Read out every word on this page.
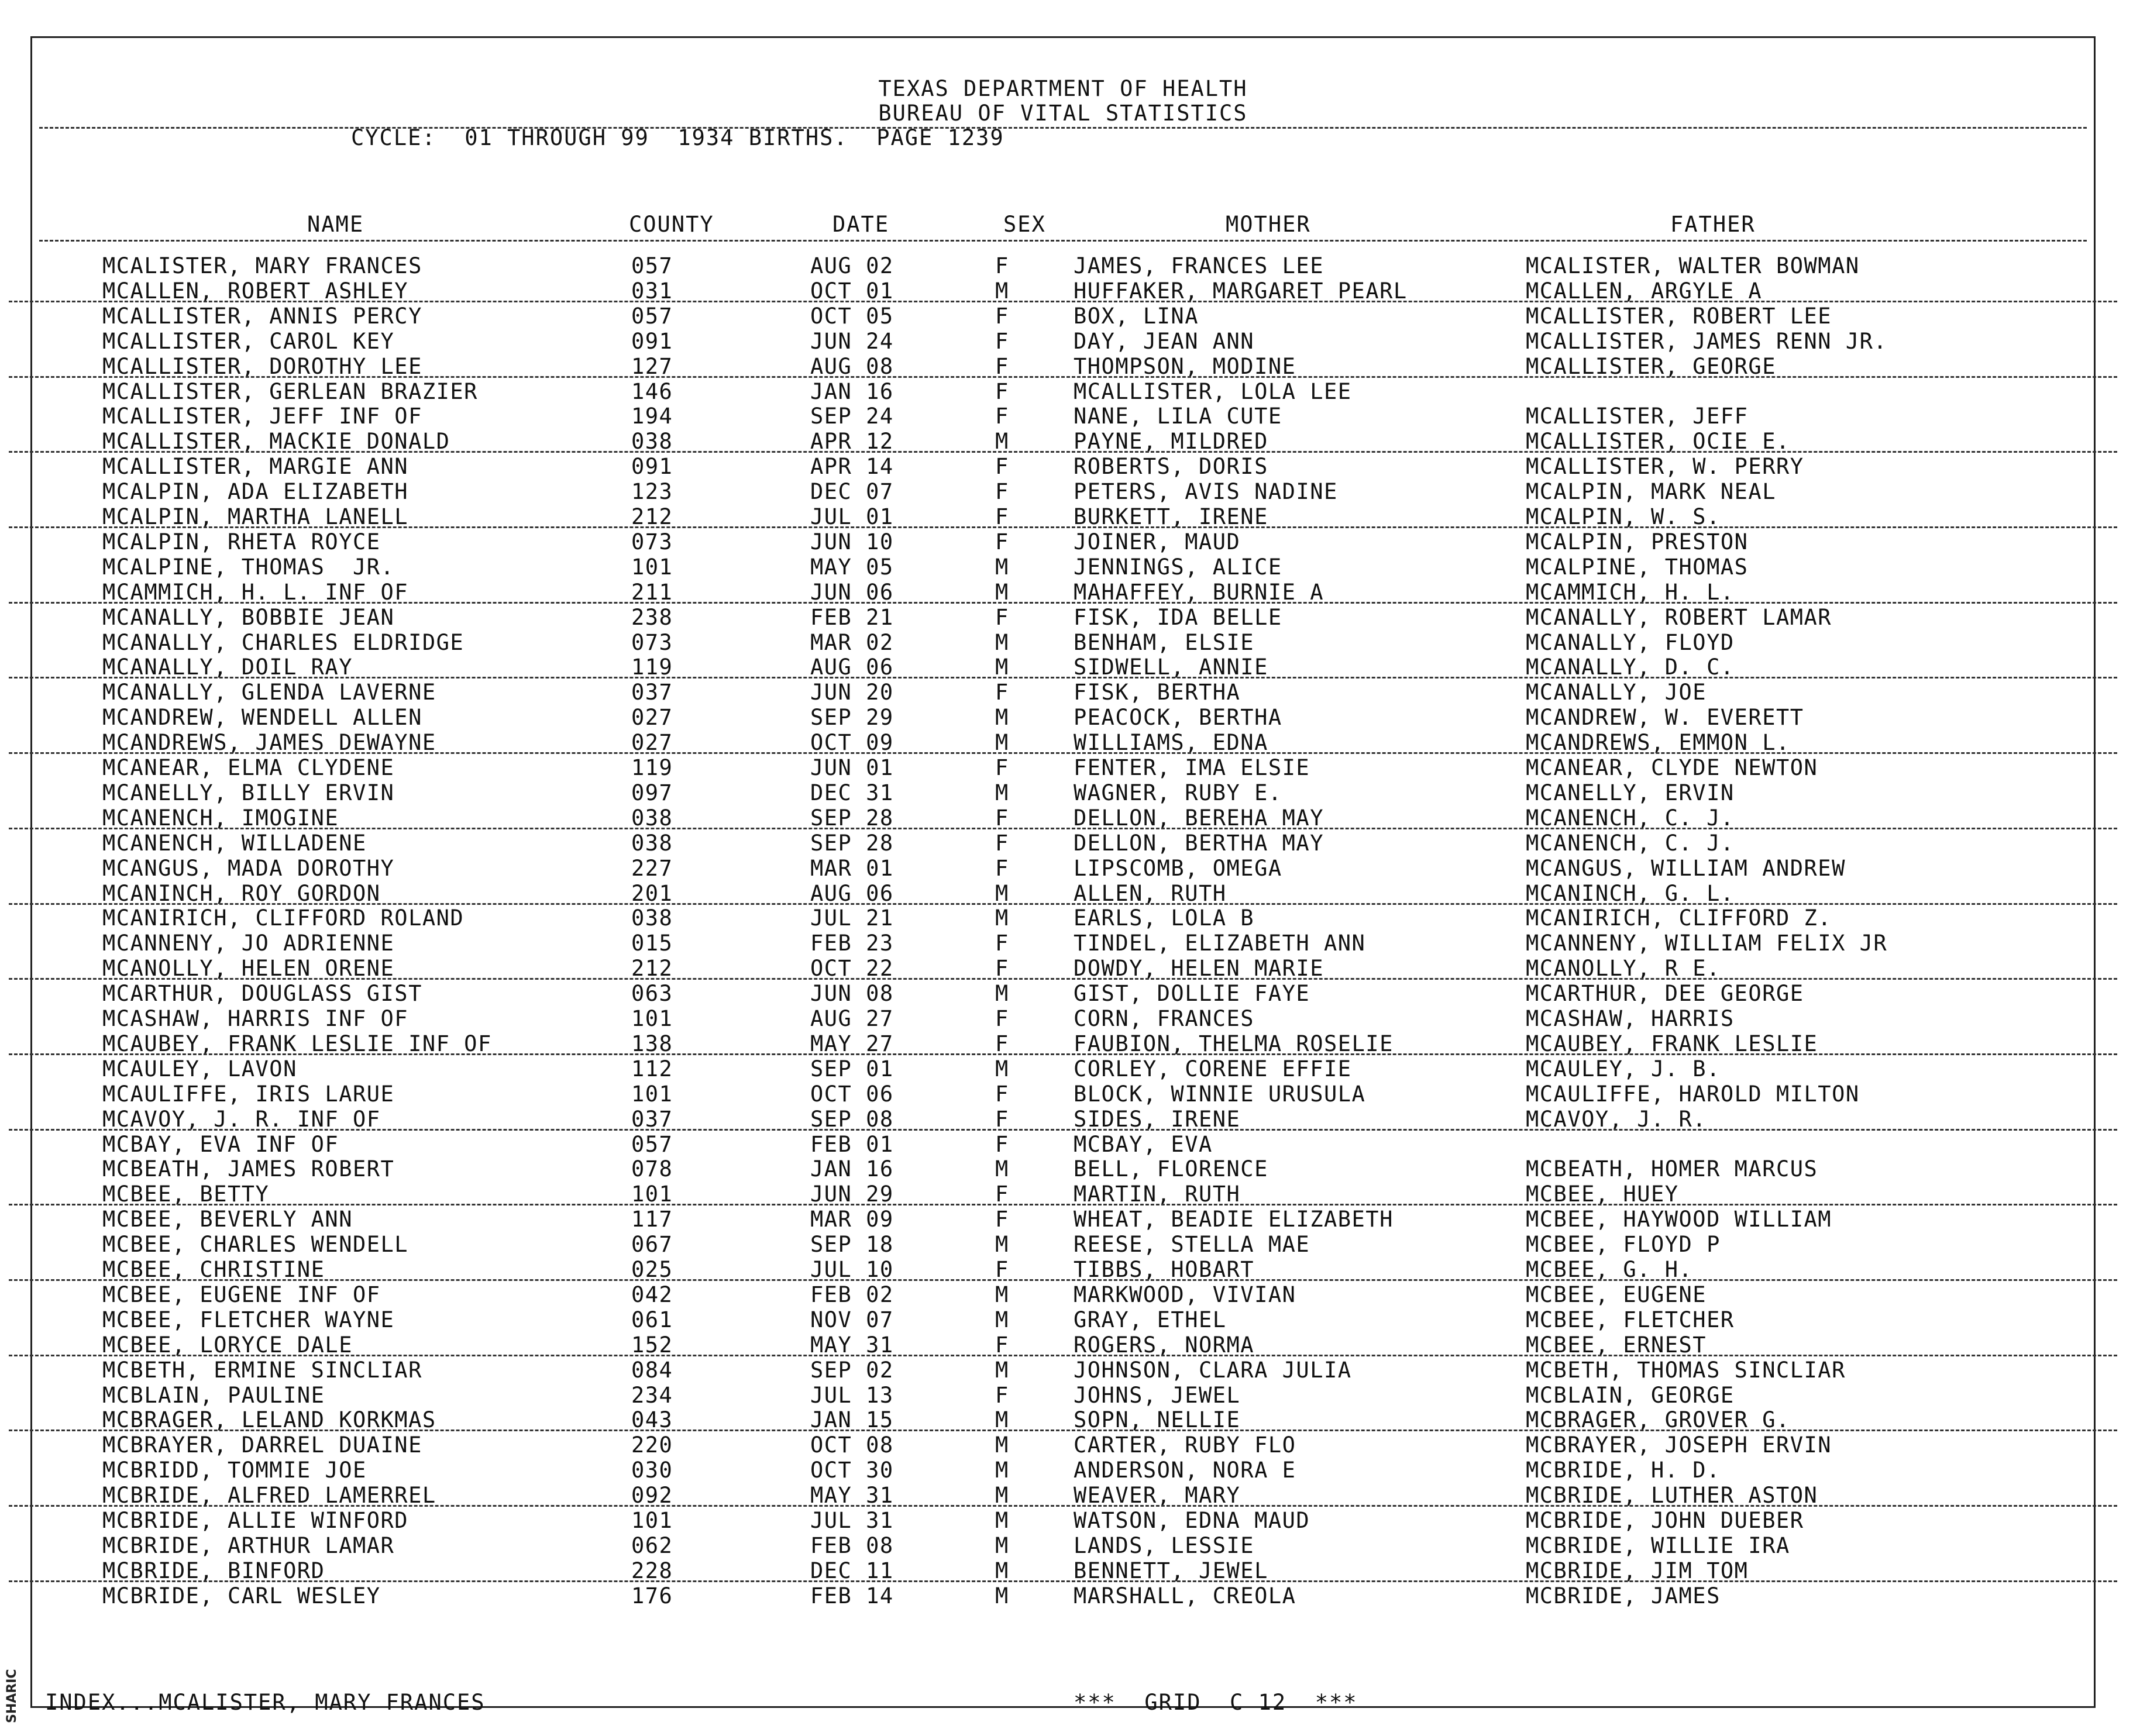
TEXAS DEPARTMENT OF HEALTH
BUREAU OF VITAL STATISTICS
CYCLE:  01 THROUGH 99  1934 BIRTHS.  PAGE 1239
NAME	COUNTY	DATE	SEX	MOTHER	FATHER
MCALISTER, MARY FRANCES	057	AUG 02	F	JAMES, FRANCES LEE	MCALISTER, WALTER BOWMAN
MCALLEN, ROBERT ASHLEY	031	OCT 01	M	HUFFAKER, MARGARET PEARL	MCALLEN, ARGYLE A
MCALLISTER, ANNIS PERCY	057	OCT 05	F	BOX, LINA	MCALLISTER, ROBERT LEE
MCALLISTER, CAROL KEY	091	JUN 24	F	DAY, JEAN ANN	MCALLISTER, JAMES RENN JR.
MCALLISTER, DOROTHY LEE	127	AUG 08	F	THOMPSON, MODINE	MCALLISTER, GEORGE
MCALLISTER, GERLEAN BRAZIER	146	JAN 16	F	MCALLISTER, LOLA LEE
MCALLISTER, JEFF INF OF	194	SEP 24	F	NANE, LILA CUTE	MCALLISTER, JEFF
MCALLISTER, MACKIE DONALD	038	APR 12	M	PAYNE, MILDRED	MCALLISTER, OCIE E.
MCALLISTER, MARGIE ANN	091	APR 14	F	ROBERTS, DORIS	MCALLISTER, W. PERRY
MCALPIN, ADA ELIZABETH	123	DEC 07	F	PETERS, AVIS NADINE	MCALPIN, MARK NEAL
MCALPIN, MARTHA LANELL	212	JUL 01	F	BURKETT, IRENE	MCALPIN, W. S.
MCALPIN, RHETA ROYCE	073	JUN 10	F	JOINER, MAUD	MCALPIN, PRESTON
MCALPINE, THOMAS  JR.	101	MAY 05	M	JENNINGS, ALICE	MCALPINE, THOMAS
MCAMMICH, H. L. INF OF	211	JUN 06	M	MAHAFFEY, BURNIE A	MCAMMICH, H. L.
MCANALLY, BOBBIE JEAN	238	FEB 21	F	FISK, IDA BELLE	MCANALLY, ROBERT LAMAR
MCANALLY, CHARLES ELDRIDGE	073	MAR 02	M	BENHAM, ELSIE	MCANALLY, FLOYD
MCANALLY, DOIL RAY	119	AUG 06	M	SIDWELL, ANNIE	MCANALLY, D. C.
MCANALLY, GLENDA LAVERNE	037	JUN 20	F	FISK, BERTHA	MCANALLY, JOE
MCANDREW, WENDELL ALLEN	027	SEP 29	M	PEACOCK, BERTHA	MCANDREW, W. EVERETT
MCANDREWS, JAMES DEWAYNE	027	OCT 09	M	WILLIAMS, EDNA	MCANDREWS, EMMON L.
MCANEAR, ELMA CLYDENE	119	JUN 01	F	FENTER, IMA ELSIE	MCANEAR, CLYDE NEWTON
MCANELLY, BILLY ERVIN	097	DEC 31	M	WAGNER, RUBY E.	MCANELLY, ERVIN
MCANENCH, IMOGINE	038	SEP 28	F	DELLON, BEREHA MAY	MCANENCH, C. J.
MCANENCH, WILLADENE	038	SEP 28	F	DELLON, BERTHA MAY	MCANENCH, C. J.
MCANGUS, MADA DOROTHY	227	MAR 01	F	LIPSCOMB, OMEGA	MCANGUS, WILLIAM ANDREW
MCANINCH, ROY GORDON	201	AUG 06	M	ALLEN, RUTH	MCANINCH, G. L.
MCANIRICH, CLIFFORD ROLAND	038	JUL 21	M	EARLS, LOLA B	MCANIRICH, CLIFFORD Z.
MCANNENY, JO ADRIENNE	015	FEB 23	F	TINDEL, ELIZABETH ANN	MCANNENY, WILLIAM FELIX JR
MCANOLLY, HELEN ORENE	212	OCT 22	F	DOWDY, HELEN MARIE	MCANOLLY, R E.
MCARTHUR, DOUGLASS GIST	063	JUN 08	M	GIST, DOLLIE FAYE	MCARTHUR, DEE GEORGE
MCASHAW, HARRIS INF OF	101	AUG 27	F	CORN, FRANCES	MCASHAW, HARRIS
MCAUBEY, FRANK LESLIE INF OF	138	MAY 27	F	FAUBION, THELMA ROSELIE	MCAUBEY, FRANK LESLIE
MCAULEY, LAVON	112	SEP 01	M	CORLEY, CORENE EFFIE	MCAULEY, J. B.
MCAULIFFE, IRIS LARUE	101	OCT 06	F	BLOCK, WINNIE URUSULA	MCAULIFFE, HAROLD MILTON
MCAVOY, J. R. INF OF	037	SEP 08	F	SIDES, IRENE	MCAVOY, J. R.
MCBAY, EVA INF OF	057	FEB 01	F	MCBAY, EVA
MCBEATH, JAMES ROBERT	078	JAN 16	M	BELL, FLORENCE	MCBEATH, HOMER MARCUS
MCBEE, BETTY	101	JUN 29	F	MARTIN, RUTH	MCBEE, HUEY
MCBEE, BEVERLY ANN	117	MAR 09	F	WHEAT, BEADIE ELIZABETH	MCBEE, HAYWOOD WILLIAM
MCBEE, CHARLES WENDELL	067	SEP 18	M	REESE, STELLA MAE	MCBEE, FLOYD P
MCBEE, CHRISTINE	025	JUL 10	F	TIBBS, HOBART	MCBEE, G. H.
MCBEE, EUGENE INF OF	042	FEB 02	M	MARKWOOD, VIVIAN	MCBEE, EUGENE
MCBEE, FLETCHER WAYNE	061	NOV 07	M	GRAY, ETHEL	MCBEE, FLETCHER
MCBEE, LORYCE DALE	152	MAY 31	F	ROGERS, NORMA	MCBEE, ERNEST
MCBETH, ERMINE SINCLIAR	084	SEP 02	M	JOHNSON, CLARA JULIA	MCBETH, THOMAS SINCLIAR
MCBLAIN, PAULINE	234	JUL 13	F	JOHNS, JEWEL	MCBLAIN, GEORGE
MCBRAGER, LELAND KORKMAS	043	JAN 15	M	SOPN, NELLIE	MCBRAGER, GROVER G.
MCBRAYER, DARREL DUAINE	220	OCT 08	M	CARTER, RUBY FLO	MCBRAYER, JOSEPH ERVIN
MCBRIDD, TOMMIE JOE	030	OCT 30	M	ANDERSON, NORA E	MCBRIDE, H. D.
MCBRIDE, ALFRED LAMERREL	092	MAY 31	M	WEAVER, MARY	MCBRIDE, LUTHER ASTON
MCBRIDE, ALLIE WINFORD	101	JUL 31	M	WATSON, EDNA MAUD	MCBRIDE, JOHN DUEBER
MCBRIDE, ARTHUR LAMAR	062	FEB 08	M	LANDS, LESSIE	MCBRIDE, WILLIE IRA
MCBRIDE, BINFORD	228	DEC 11	M	BENNETT, JEWEL	MCBRIDE, JIM TOM
MCBRIDE, CARL WESLEY	176	FEB 14	M	MARSHALL, CREOLA	MCBRIDE, JAMES
INDEX...MCALISTER, MARY FRANCES	***  GRID  C 12  ***
SHARIC
